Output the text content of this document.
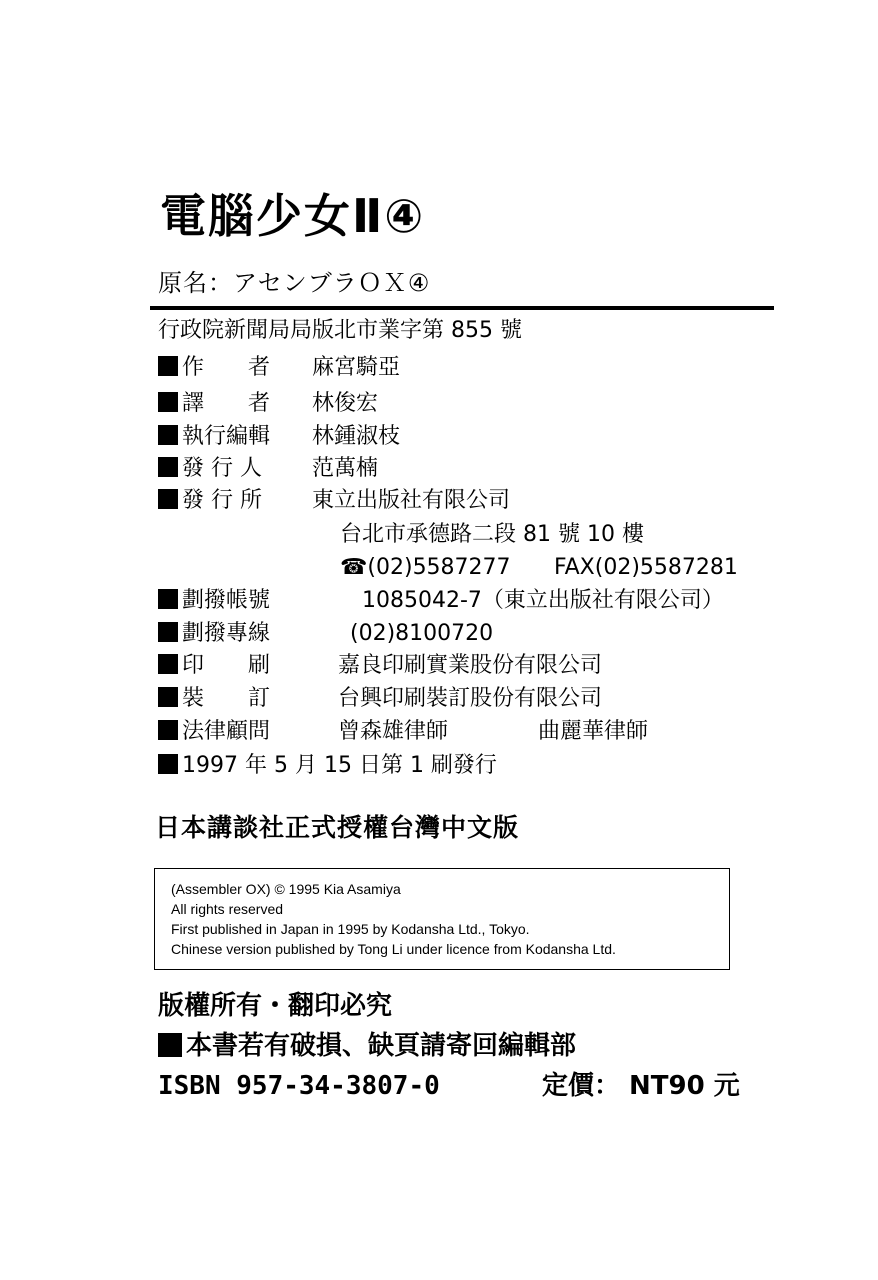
電腦少女Ⅱ④
原名：アセンブラＯＸ④
行政院新聞局局版北市業字第 855 號
作　　者 麻宮騎亞
譯　　者 林俊宏
執行編輯 林鍾淑枝
發 行 人 范萬楠
發 行 所 東立出版社有限公司
台北市承德路二段 81 號 10 樓
☎(02)5587277 FAX(02)5587281
劃撥帳號	1085042-7（東立出版社有限公司）
劃撥專線	(02)8100720
印　　刷	嘉良印刷實業股份有限公司
裝　　訂	台興印刷裝訂股份有限公司
法律顧問	曾森雄律師	曲麗華律師
1997 年 5 月 15 日第 1 刷發行
日本講談社正式授權台灣中文版
(Assembler OX) © 1995 Kia Asamiya
All rights reserved
First published in Japan in 1995 by Kodansha Ltd., Tokyo.
Chinese version published by Tong Li under licence from Kodansha Ltd.
版權所有・翻印必究
本書若有破損、缺頁請寄回編輯部
ISBN 957-34-3807-0	定價： NT90 元
